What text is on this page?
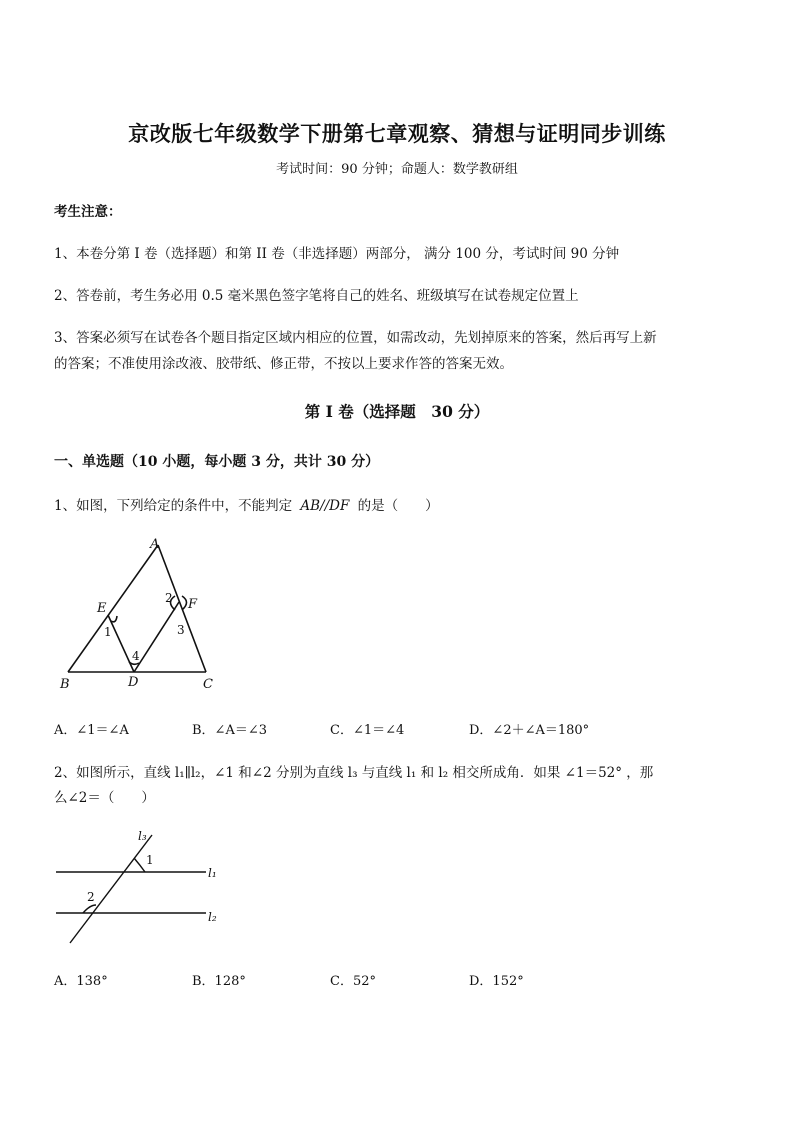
京改版七年级数学下册第七章观察、猜想与证明同步训练
考试时间：90 分钟；命题人：数学教研组
考生注意：
1、本卷分第 I 卷（选择题）和第 II 卷（非选择题）两部分， 满分 100 分，考试时间 90 分钟
2、答卷前，考生务必用 0.5 毫米黑色签字笔将自己的姓名、班级填写在试卷规定位置上
3、答案必须写在试卷各个题目指定区域内相应的位置，如需改动，先划掉原来的答案，然后再写上新
的答案；不准使用涂改液、胶带纸、修正带，不按以上要求作答的答案无效。
第 I 卷（选择题　30 分）
一、单选题（10 小题，每小题 3 分，共计 30 分）
1、如图，下列给定的条件中，不能判定 AB//DF 的是（　　）
A
B	C
D
E	F
1
2
3
4
A．∠1＝∠A	B．∠A＝∠3	C．∠1＝∠4	D．∠2＋∠A＝180°
2、如图所示，直线 l₁∥l₂，∠1 和∠2 分别为直线 l₃ 与直线 l₁ 和 l₂ 相交所成角．如果 ∠1＝52° ，那
么∠2＝（　　）
1
2
l₃
l₁
l₂
A．138°	B．128°	C．52°	D．152°
